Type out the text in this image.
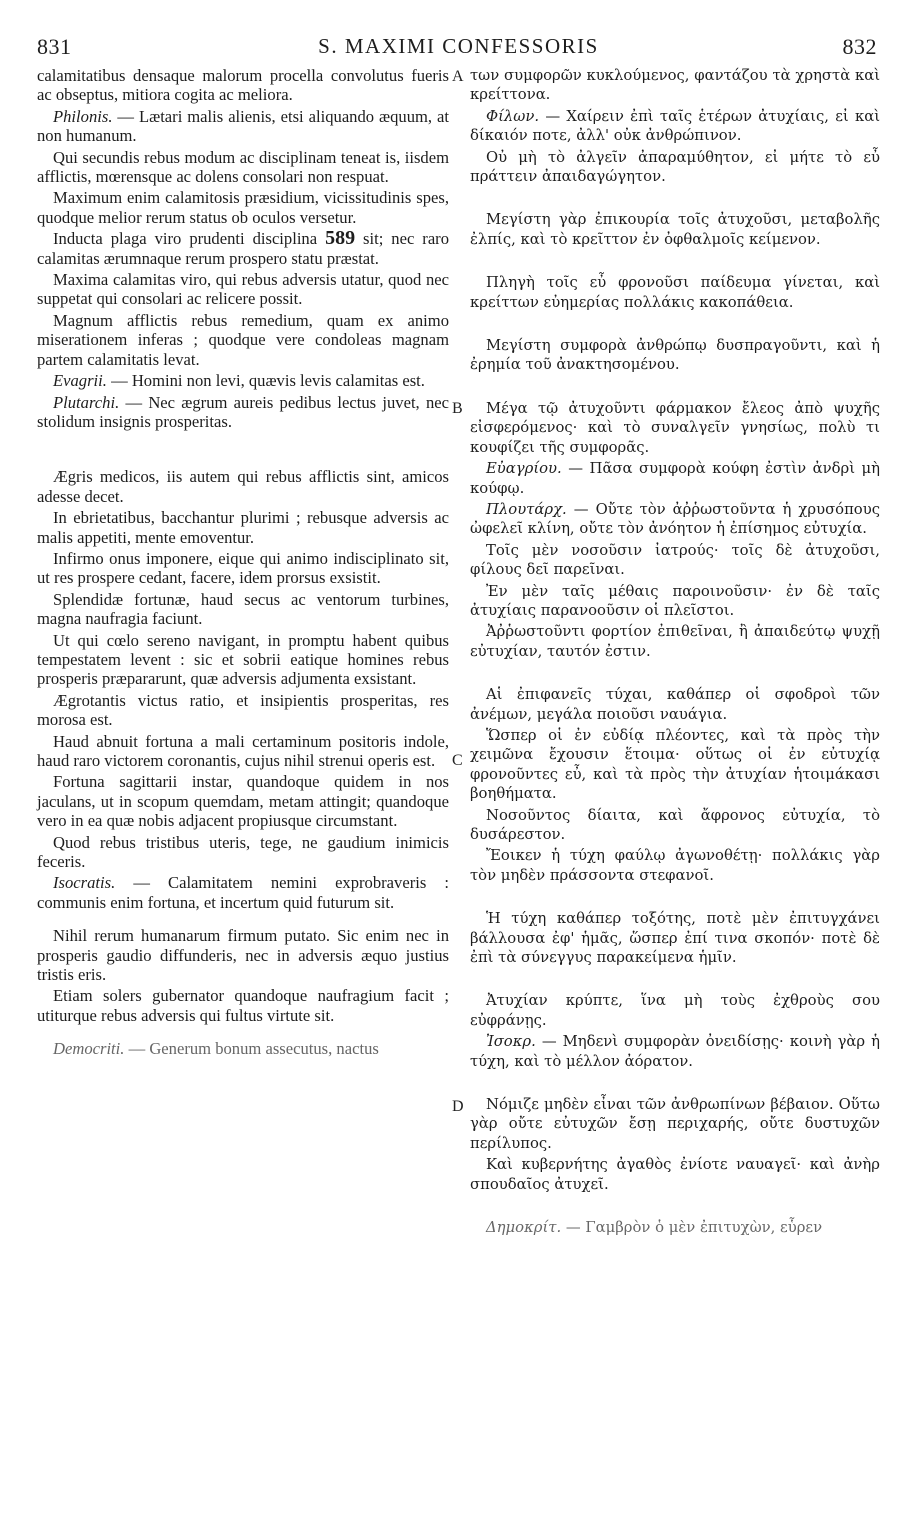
831	S. MAXIMI CONFESSORIS	832
A
B
C
D

calamitatibus densaque malorum procella convolutus fueris ac obseptus, mitiora cogita ac meliora.

Philonis. — Lætari malis alienis, etsi aliquando æquum, at non humanum.

Qui secundis rebus modum ac disciplinam teneat is, iisdem afflictis, mœrensque ac dolens consolari non respuat.

Maximum enim calamitosis præsidium, vicissitudinis spes, quodque melior rerum status ob oculos versetur.

Inducta plaga viro prudenti disciplina 589 sit; nec raro calamitas ærumnaque rerum prospero statu præstat.

Maxima calamitas viro, qui rebus adversis utatur, quod nec suppetat qui consolari ac relicere possit.

Magnum afflictis rebus remedium, quam ex animo miserationem inferas ; quodque vere condoleas magnam partem calamitatis levat.

Evagrii. — Homini non levi, quævis levis calamitas est.

Plutarchi. — Nec ægrum aureis pedibus lectus juvet, nec stolidum insignis prosperitas.

Ægris medicos, iis autem qui rebus afflictis sint, amicos adesse decet.

In ebrietatibus, bacchantur plurimi ; rebusque adversis ac malis appetiti, mente emoventur.

Infirmo onus imponere, eique qui animo indisciplinato sit, ut res prospere cedant, facere, idem prorsus exsistit.

Splendidæ fortunæ, haud secus ac ventorum turbines, magna naufragia faciunt.

Ut qui cœlo sereno navigant, in promptu habent quibus tempestatem levent : sic et sobrii eatique homines rebus prosperis præpararunt, quæ adversis adjumenta exsistant.

Ægrotantis victus ratio, et insipientis prosperitas, res morosa est.

Haud abnuit fortuna a mali certaminum positoris indole, haud raro victorem coronantis, cujus nihil strenui operis est.

Fortuna sagittarii instar, quandoque quidem in nos jaculans, ut in scopum quemdam, metam attingit; quandoque vero in ea quæ nobis adjacent propiusque circumstant.

Quod rebus tristibus uteris, tege, ne gaudium inimicis feceris.

Isocratis. — Calamitatem nemini exprobraveris : communis enim fortuna, et incertum quid futurum sit.

Nihil rerum humanarum firmum putato. Sic enim nec in prosperis gaudio diffunderis, nec in adversis æquo justius tristis eris.

Etiam solers gubernator quandoque naufragium facit ; utiturque rebus adversis qui fultus virtute sit.

Democriti. — Generum bonum assecutus, nactus

των συμφορῶν κυκλούμενος, φαντάζου τὰ χρηστὰ καὶ κρείττονα.

Φίλων. — Χαίρειν ἐπὶ ταῖς ἑτέρων ἀτυχίαις, εἰ καὶ δίκαιόν ποτε, ἀλλ' οὐκ ἀνθρώπινον.

Οὐ μὴ τὸ ἀλγεῖν ἀπαραμύθητον, εἰ μήτε τὸ εὖ πράττειν ἀπαιδαγώγητον.

Μεγίστη γὰρ ἐπικουρία τοῖς ἀτυχοῦσι, μεταβολῆς ἐλπίς, καὶ τὸ κρεῖττον ἐν ὀφθαλμοῖς κείμενον.

Πληγὴ τοῖς εὖ φρονοῦσι παίδευμα γίνεται, καὶ κρείττων εὐημερίας πολλάκις κακοπάθεια.

Μεγίστη συμφορὰ ἀνθρώπῳ δυσπραγοῦντι, καὶ ἡ ἐρημία τοῦ ἀνακτησομένου.

Μέγα τῷ ἀτυχοῦντι φάρμακον ἔλεος ἀπὸ ψυχῆς εἰσφερόμενος· καὶ τὸ συναλγεῖν γνησίως, πολὺ τι κουφίζει τῆς συμφορᾶς.

Εὐαγρίου. — Πᾶσα συμφορὰ κούφη ἐστὶν ἀνδρὶ μὴ κούφῳ.

Πλουτάρχ. — Οὔτε τὸν ἀῤῥωστοῦντα ἡ χρυσόπους ὠφελεῖ κλίνη, οὔτε τὸν ἀνόητον ἡ ἐπίσημος εὐτυχία.

Τοῖς μὲν νοσοῦσιν ἰατρούς· τοῖς δὲ ἀτυχοῦσι, φίλους δεῖ παρεῖναι.

Ἐν μὲν ταῖς μέθαις παροινοῦσιν· ἐν δὲ ταῖς ἀτυχίαις παρανοοῦσιν οἱ πλεῖστοι.

Ἀῤῥωστοῦντι φορτίον ἐπιθεῖναι, ἢ ἀπαιδεύτῳ ψυχῇ εὐτυχίαν, ταυτόν ἐστιν.

Αἱ ἐπιφανεῖς τύχαι, καθάπερ οἱ σφοδροὶ τῶν ἀνέμων, μεγάλα ποιοῦσι ναυάγια.

Ὥσπερ οἱ ἐν εὐδίᾳ πλέοντες, καὶ τὰ πρὸς τὴν χειμῶνα ἔχουσιν ἕτοιμα· οὕτως οἱ ἐν εὐτυχίᾳ φρονοῦντες εὖ, καὶ τὰ πρὸς τὴν ἀτυχίαν ἡτοιμάκασι βοηθήματα.

Νοσοῦντος δίαιτα, καὶ ἄφρονος εὐτυχία, τὸ δυσάρεστον.

Ἔοικεν ἡ τύχη φαύλῳ ἀγωνοθέτῃ· πολλάκις γὰρ τὸν μηδὲν πράσσοντα στεφανοῖ.

Ἡ τύχη καθάπερ τοξότης, ποτὲ μὲν ἐπιτυγχάνει βάλλουσα ἐφ' ἡμᾶς, ὥσπερ ἐπί τινα σκοπόν· ποτὲ δὲ ἐπὶ τὰ σύνεγγυς παρακείμενα ἡμῖν.

Ἀτυχίαν κρύπτε, ἵνα μὴ τοὺς ἐχθροὺς σου εὐφράνῃς.

Ἰσοκρ. — Μηδενὶ συμφορὰν ὀνειδίσῃς· κοινὴ γὰρ ἡ τύχη, καὶ τὸ μέλλον ἀόρατον.

Νόμιζε μηδὲν εἶναι τῶν ἀνθρωπίνων βέβαιον. Οὕτω γὰρ οὔτε εὐτυχῶν ἔσῃ περιχαρής, οὔτε δυστυχῶν περίλυπος.

Καὶ κυβερνήτης ἀγαθὸς ἐνίοτε ναυαγεῖ· καὶ ἀνὴρ σπουδαῖος ἀτυχεῖ.

Δημοκρίτ. — Γαμβρὸν ὁ μὲν ἐπιτυχὼν, εὗρεν
